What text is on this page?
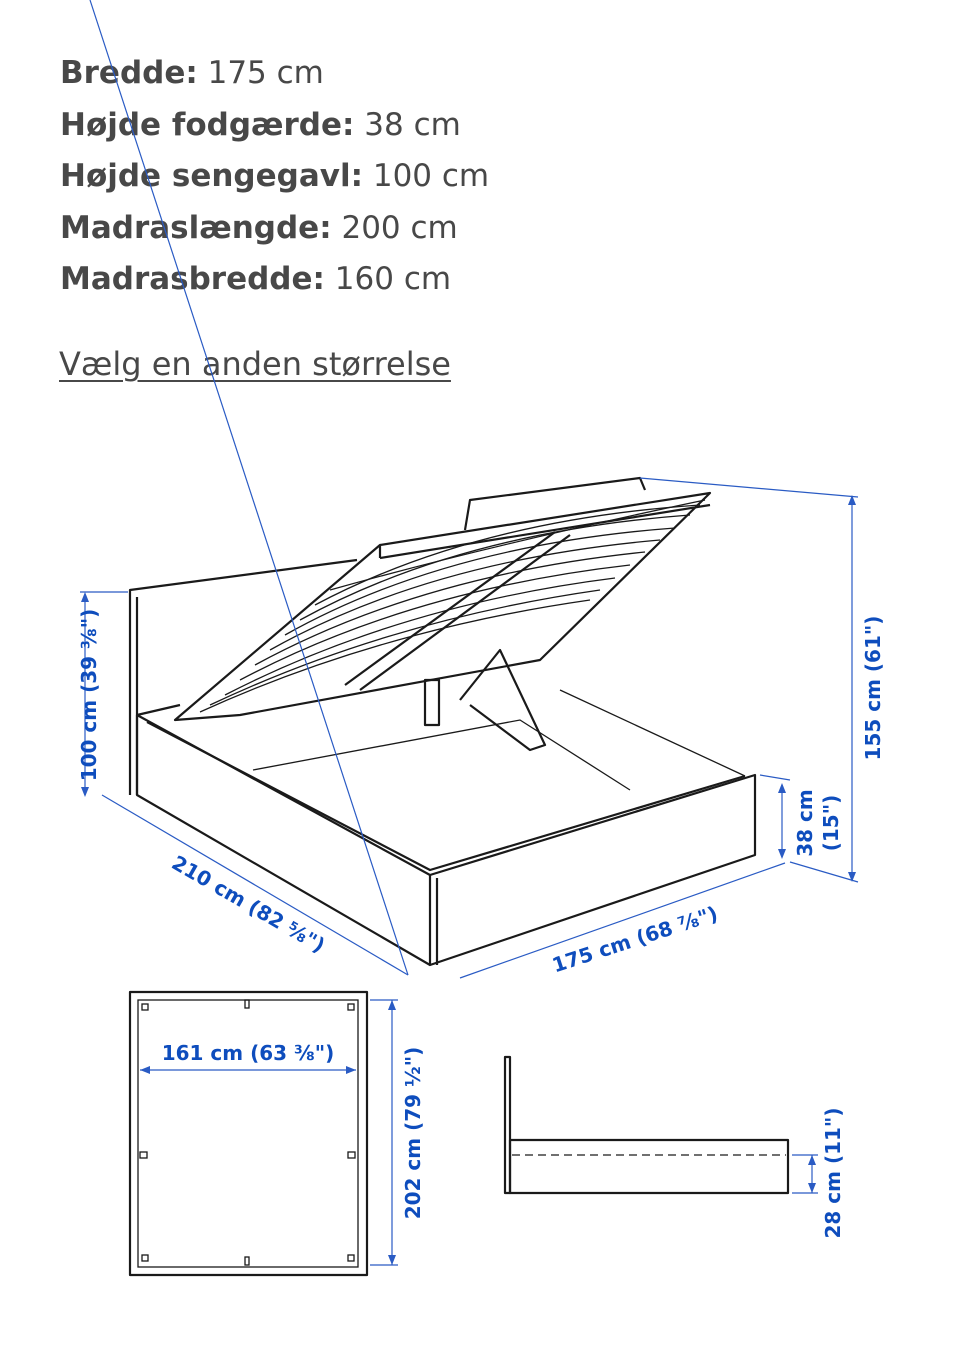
Bredde: 175 cm
Højde fodgærde: 38 cm
Højde sengegavl: 100 cm
Madraslængde: 200 cm
Madrasbredde: 160 cm
Vælg en anden størrelse
100 cm (39 ⅜")	155 cm (61")
38 cm (15")
210 cm (82 ⅝")	175 cm (68 ⅞")
161 cm (63 ⅜")	202 cm (79 ½")	28 cm (11")
